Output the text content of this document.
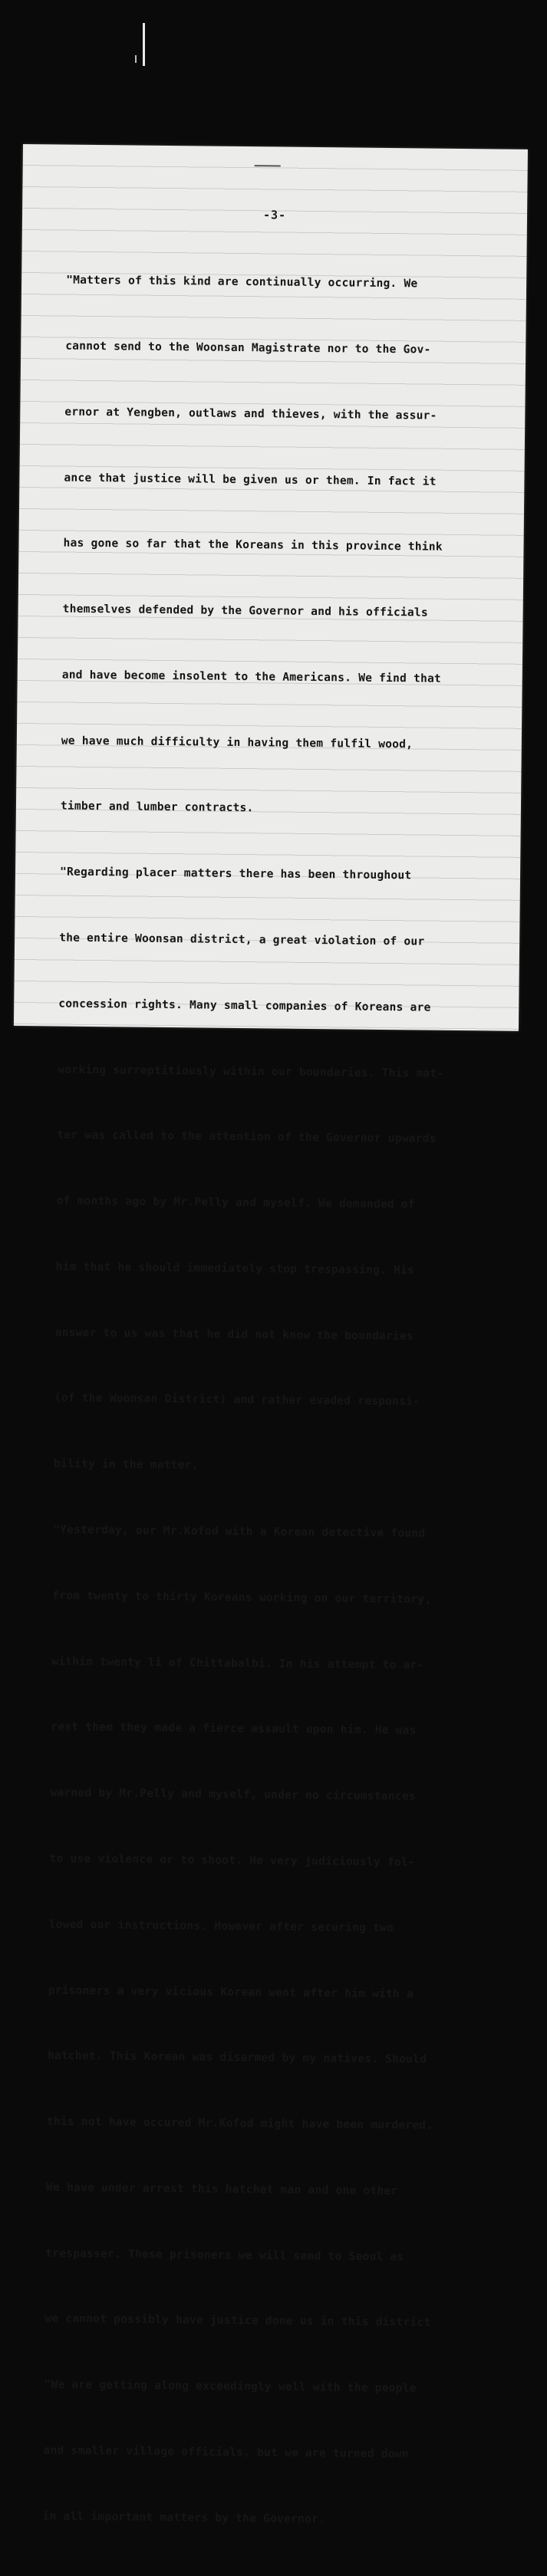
-3-

"Matters of this kind are continually occurring. We

cannot send to the Woonsan Magistrate nor to the Gov-

ernor at Yengben, outlaws and thieves, with the assur-

ance that justice will be given us or them. In fact it

has gone so far that the Koreans in this province think

themselves defended by the Governor and his officials

and have become insolent to the Americans. We find that

we have much difficulty in having them fulfil wood,

timber and lumber contracts.

"Regarding placer matters there has been throughout

the entire Woonsan district, a great violation of our

concession rights. Many small companies of Koreans are

working surreptitiously within our boundaries. This mat-

ter was called to the attention of the Governor upwards

of months ago by Mr.Pelly and myself. We demanded of

him that he should immediately stop trespassing. His

answer to us was that he did not know the boundaries

(of the Woonsan District) and rather evaded responsi-

bility in the matter.

"Yesterday, our Mr.Kofod with a Korean detective found

from twenty to thirty Koreans working on our territory,

within twenty li of Chittabalbi. In his attempt to ar-

rest them they made a fierce assault upon him. He was

warned by Mr.Pelly and myself, under no circumstances

to use violence or to shoot. He very judiciously fol-

lowed our instructions. However after securing two

prisoners a very vicious Korean went after him with a

hatchet. This Korean was disarmed by my natives. Should

this not have occured Mr.Kofod might have been murdered.

We have under arrest this hatchet man and one other

trespasser. These prisoners we will send to Seoul as

we cannot possibly have justice done us in this district

"We are getting along exceedingly well with the people

and smaller village officials, but we are turned down

in all important matters by the Governor.
